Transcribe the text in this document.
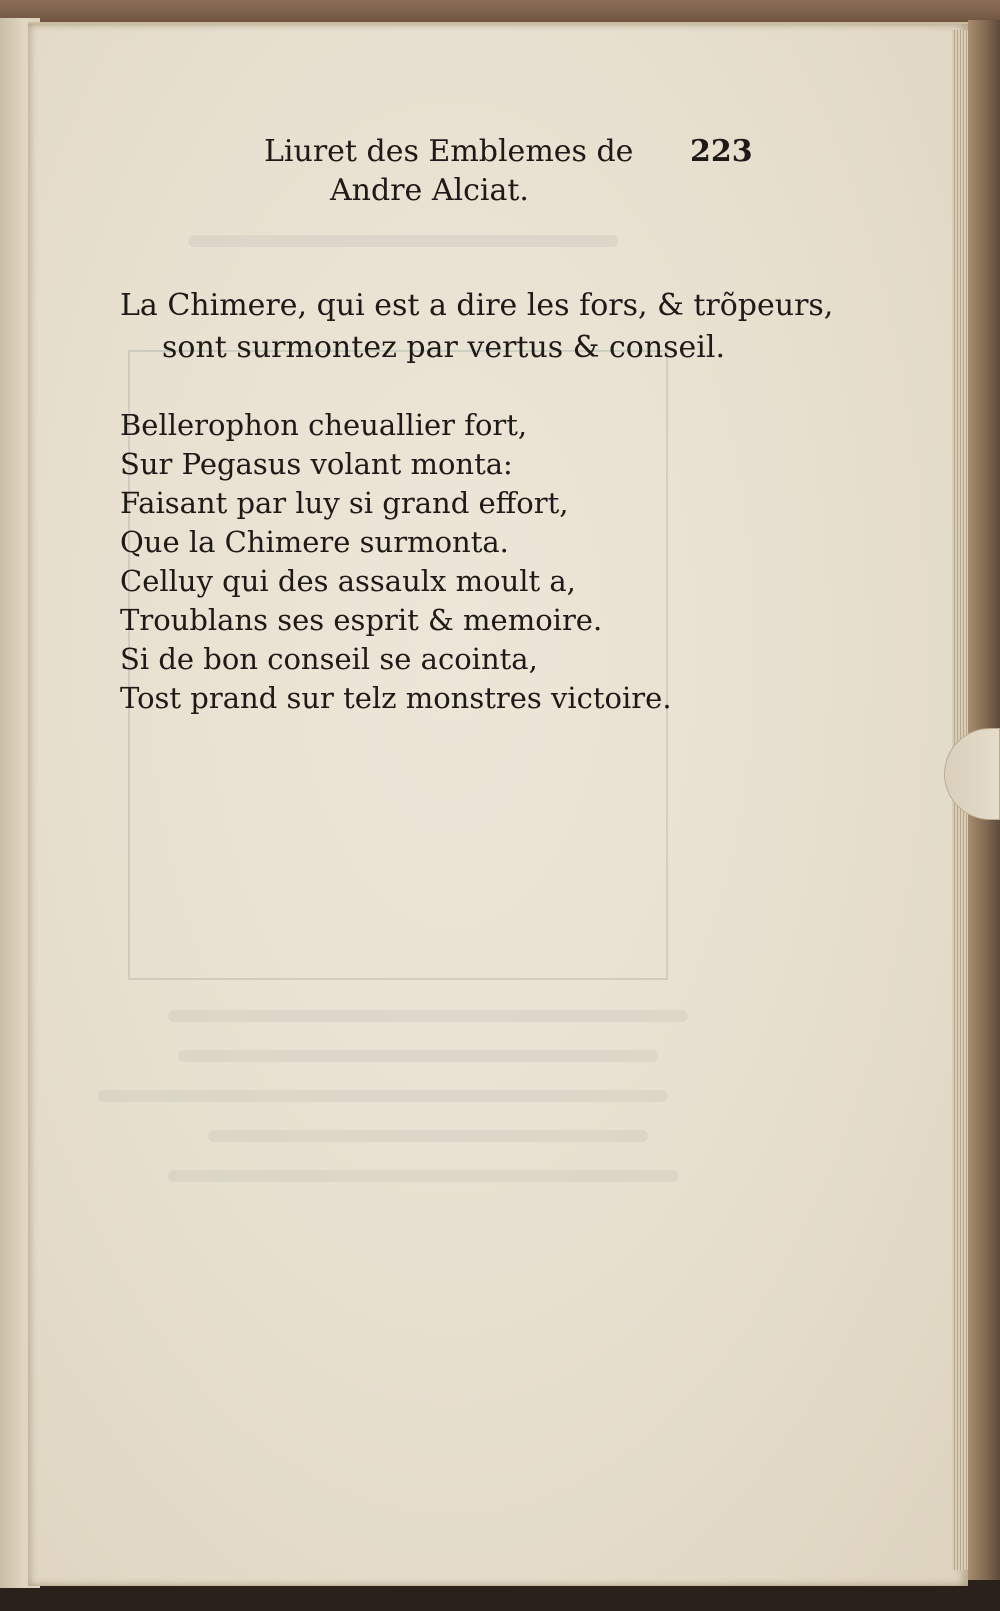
Liuret des Emblemes de
Andre Alciat.
223
La Chimere, qui est a dire les fors, & trõpeurs,
sont surmontez par vertus & conseil.
Bellerophon cheuallier fort,
Sur Pegasus volant monta:
Faisant par luy si grand effort,
Que la Chimere surmonta.
Celluy qui des assaulx moult a,
Troublans ses esprit & memoire.
Si de bon conseil se acointa,
Tost prand sur telz monstres victoire.
